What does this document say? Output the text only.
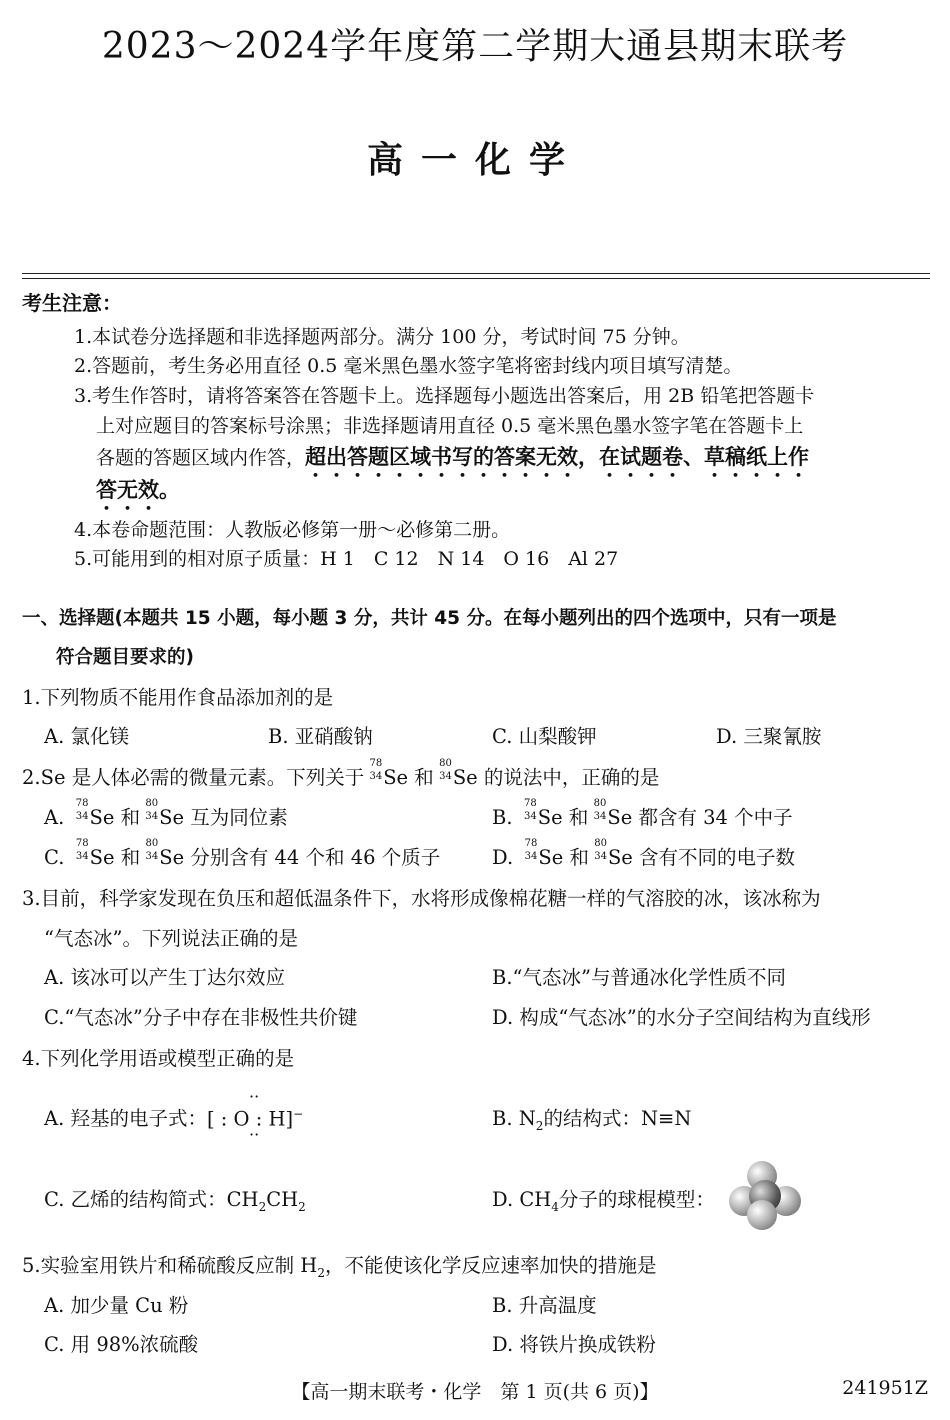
2023～2024学年度第二学期大通县期末联考
高一化学
考生注意：
1.本试卷分选择题和非选择题两部分。满分 100 分，考试时间 75 分钟。
2.答题前，考生务必用直径 0.5 毫米黑色墨水签字笔将密封线内项目填写清楚。
3.考生作答时，请将答案答在答题卡上。选择题每小题选出答案后，用 2B 铅笔把答题卡
上对应题目的答案标号涂黑；非选择题请用直径 0.5 毫米黑色墨水签字笔在答题卡上
各题的答题区域内作答，超出答题区域书写的答案无效，在试题卷、草稿纸上作
答无效。
4.本卷命题范围：人教版必修第一册～必修第二册。
5.可能用到的相对原子质量：H 1　C 12　N 14　O 16　Al 27
一、选择题(本题共 15 小题，每小题 3 分，共计 45 分。在每小题列出的四个选项中，只有一项是
符合题目要求的)
1.下列物质不能用作食品添加剂的是
A. 氯化镁	B. 亚硝酸钠	C. 山梨酸钾	D. 三聚氰胺
2.Se 是人体必需的微量元素。下列关于
78
34 Se 和
80
34 Se 的说法中，正确的是
A.
78
34 Se 和
80
34 Se 互为同位素	B.
78
34 Se 和
80
34 Se 都含有 34 个中子
C.
78
34 Se 和
80
34 Se 分别含有 44 个和 46 个质子	D.
78
34 Se 和
80
34 Se 含有不同的电子数
3.目前，科学家发现在负压和超低温条件下，水将形成像棉花糖一样的气溶胶的冰，该冰称为
“气态冰”。下列说法正确的是
A. 该冰可以产生丁达尔效应	B.“气态冰”与普通冰化学性质不同
C.“气态冰”分子中存在非极性共价键	D. 构成“气态冰”的水分子空间结构为直线形
4.下列化学用语或模型正确的是
A. 羟基的电子式：
··
[ : O : H]−
··
B. $N_2$的结构式：N≡N
C. 乙烯的结构简式：$CH_2CH_2$	D. $CH_4$分子的球棍模型：
5.实验室用铁片和稀硫酸反应制 $H_2$，不能使该化学反应速率加快的措施是
A. 加少量 Cu 粉	B. 升高温度
C. 用 98%浓硫酸	D. 将铁片换成铁粉
【高一期末联考・化学　第 1 页(共 6 页)】	241951Z
